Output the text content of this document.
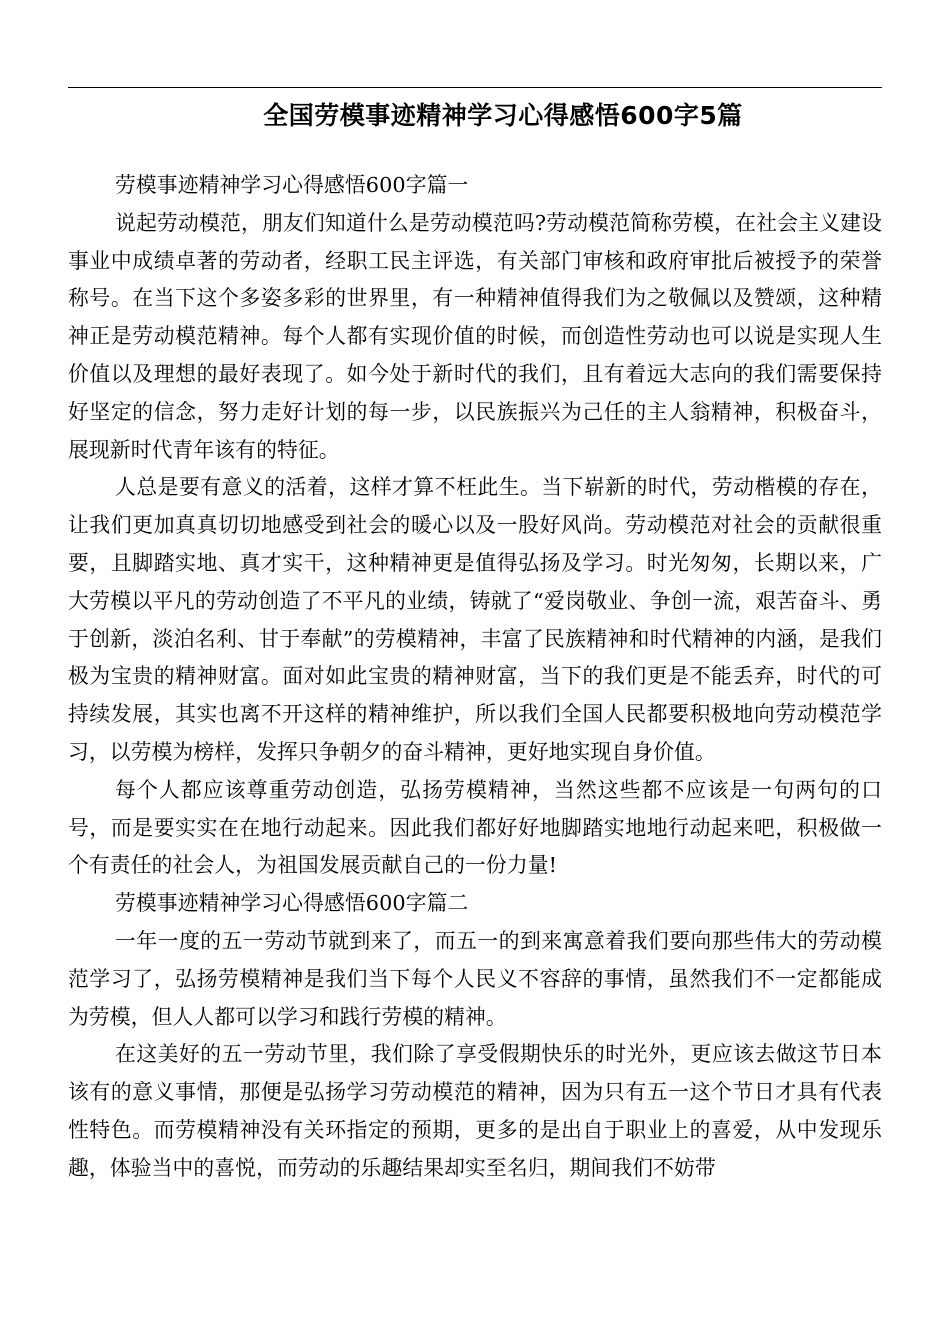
全国劳模事迹精神学习心得感悟600字5篇

劳模事迹精神学习心得感悟600字篇一

说起劳动模范，朋友们知道什么是劳动模范吗?劳动模范简称劳模，在社会主义建设事业中成绩卓著的劳动者，经职工民主评选，有关部门审核和政府审批后被授予的荣誉称号。在当下这个多姿多彩的世界里，有一种精神值得我们为之敬佩以及赞颂，这种精神正是劳动模范精神。每个人都有实现价值的时候，而创造性劳动也可以说是实现人生价值以及理想的最好表现了。如今处于新时代的我们，且有着远大志向的我们需要保持好坚定的信念，努力走好计划的每一步，以民族振兴为己任的主人翁精神，积极奋斗，展现新时代青年该有的特征。

人总是要有意义的活着，这样才算不枉此生。当下崭新的时代，劳动楷模的存在，让我们更加真真切切地感受到社会的暖心以及一股好风尚。劳动模范对社会的贡献很重要，且脚踏实地、真才实干，这种精神更是值得弘扬及学习。时光匆匆，长期以来，广大劳模以平凡的劳动创造了不平凡的业绩，铸就了“爱岗敬业、争创一流，艰苦奋斗、勇于创新，淡泊名利、甘于奉献”的劳模精神，丰富了民族精神和时代精神的内涵，是我们极为宝贵的精神财富。面对如此宝贵的精神财富，当下的我们更是不能丢弃，时代的可持续发展，其实也离不开这样的精神维护，所以我们全国人民都要积极地向劳动模范学习，以劳模为榜样，发挥只争朝夕的奋斗精神，更好地实现自身价值。

每个人都应该尊重劳动创造，弘扬劳模精神，当然这些都不应该是一句两句的口号，而是要实实在在地行动起来。因此我们都好好地脚踏实地地行动起来吧，积极做一个有责任的社会人，为祖国发展贡献自己的一份力量!

劳模事迹精神学习心得感悟600字篇二

一年一度的五一劳动节就到来了，而五一的到来寓意着我们要向那些伟大的劳动模范学习了，弘扬劳模精神是我们当下每个人民义不容辞的事情，虽然我们不一定都能成为劳模，但人人都可以学习和践行劳模的精神。

在这美好的五一劳动节里，我们除了享受假期快乐的时光外，更应该去做这节日本该有的意义事情，那便是弘扬学习劳动模范的精神，因为只有五一这个节日才具有代表性特色。而劳模精神没有关环指定的预期，更多的是出自于职业上的喜爱，从中发现乐趣，体验当中的喜悦，而劳动的乐趣结果却实至名归，期间我们不妨带
